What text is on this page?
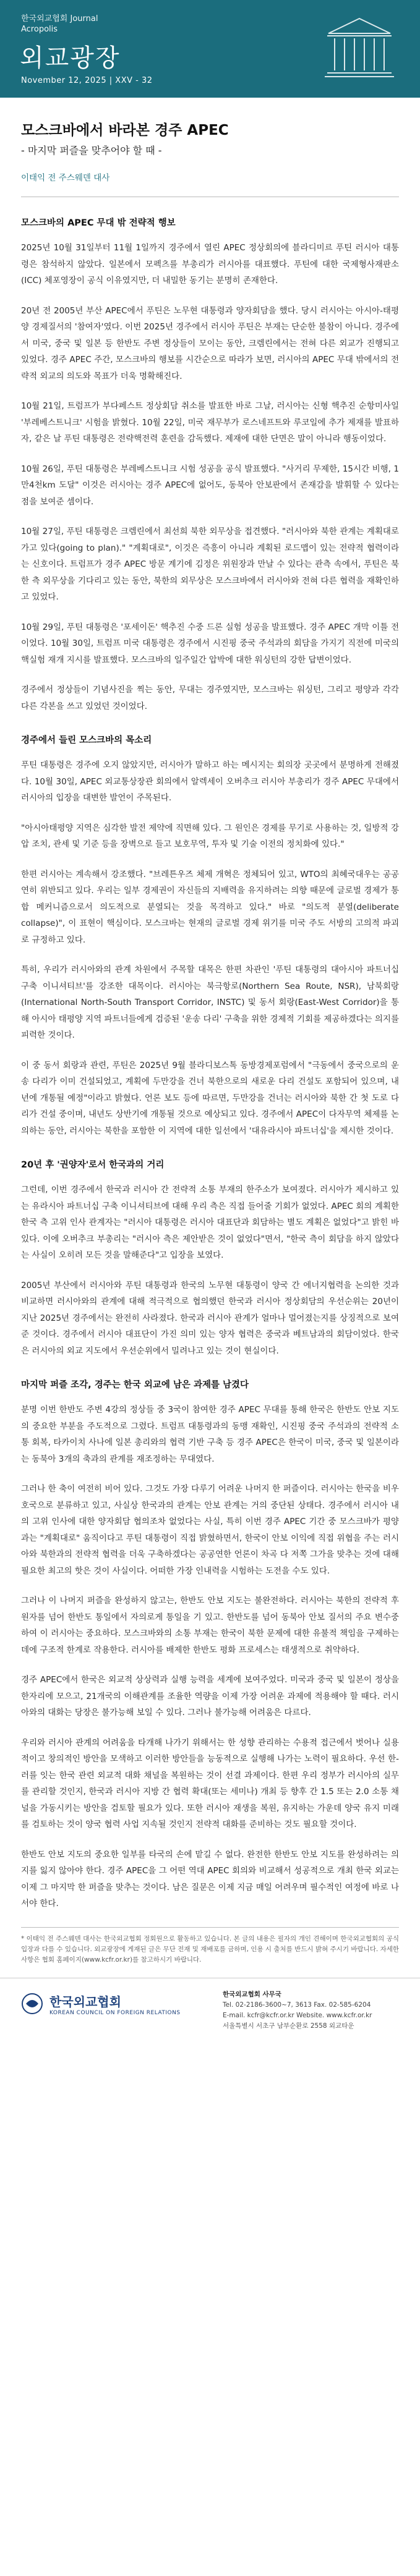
한국외교협회 Journal
Acropolis
외교광장
November 12, 2025 | XXV - 32
모스크바에서 바라본 경주 APEC
- 마지막 퍼즐을 맞추어야 할 때 -
이태익 전 주스웨덴 대사
모스크바의 APEC 무대 밖 전략적 행보

2025년 10월 31일부터 11월 1일까지 경주에서 열린 APEC 정상회의에 블라디미르 푸틴 러시아 대통령은 참석하지 않았다. 일본에서 모펙츠를 부총리가 러시아를 대표했다. 푸틴에 대한 국제형사재판소(ICC) 체포영장이 공식 이유였지만, 더 내밀한 동기는 분명히 존재한다.

20년 전 2005년 부산 APEC에서 푸틴은 노무현 대통령과 양자회담을 했다. 당시 러시아는 아시아-태평양 경제질서의 '참여자'였다. 이번 2025년 경주에서 러시아 푸틴은 부재는 단순한 불참이 아니다. 경주에서 미국, 중국 및 일본 등 한반도 주변 정상들이 모이는 동안, 크렘린에서는 전혀 다른 외교가 진행되고 있었다. 경주 APEC 주간, 모스크바의 행보를 시간순으로 따라가 보면, 러시아의 APEC 무대 밖에서의 전략적 외교의 의도와 목표가 더욱 명확해진다.

10월 21일, 트럼프가 부다페스트 정상회담 취소를 발표한 바로 그날, 러시아는 신형 핵추진 순항미사일 '부레베스트니크' 시험을 밝혔다. 10월 22일, 미국 재무부가 로스네프트와 루코일에 추가 제재를 발표하자, 같은 날 푸틴 대통령은 전략핵전력 훈련을 감독했다. 제재에 대한 단면은 말이 아니라 행동이었다.

10월 26일, 푸틴 대통령은 부레베스트니크 시험 성공을 공식 발표했다. "사거리 무제한, 15시간 비행, 1만4천km 도달" 이것은 러시아는 경주 APEC에 없어도, 동북아 안보판에서 존재감을 발휘할 수 있다는 점을 보여준 셈이다.

10월 27일, 푸틴 대통령은 크렘린에서 최선희 북한 외무상을 접견했다. "러시아와 북한 관계는 계획대로 가고 있다(going to plan)." "계획대로", 이것은 즉흥이 아니라 계획된 로드맵이 있는 전략적 협력이라는 신호이다. 트럼프가 경주 APEC 방문 계기에 김정은 위원장과 만날 수 있다는 관측 속에서, 푸틴은 북한 측 외무상을 기다리고 있는 동안, 북한의 외무상은 모스크바에서 러시아와 전혀 다른 협력을 재확인하고 있었다.

10월 29일, 푸틴 대통령은 '포세이돈' 핵추진 수중 드론 실험 성공을 발표했다. 경주 APEC 개막 이틀 전이었다. 10월 30일, 트럼프 미국 대통령은 경주에서 시진핑 중국 주석과의 회담을 가지기 직전에 미국의 핵실험 재개 지시를 발표했다. 모스크바의 일주일간 압박에 대한 워싱턴의 강한 답변이었다.

경주에서 정상들이 기념사진을 찍는 동안, 무대는 경주였지만, 모스크바는 워싱턴, 그리고 평양과 각각 다른 각본을 쓰고 있었던 것이었다.

경주에서 들린 모스크바의 목소리

푸틴 대통령은 경주에 오지 않았지만, 러시아가 말하고 하는 메시지는 회의장 곳곳에서 분명하게 전해졌다. 10월 30일, APEC 외교통상장관 회의에서 알렉세이 오버추크 러시아 부총리가 경주 APEC 무대에서 러시아의 입장을 대변한 발언이 주목된다.

"아시아태평양 지역은 심각한 발전 제약에 직면해 있다. 그 원인은 경제를 무기로 사용하는 것, 일방적 강압 조치, 관세 및 기준 등을 장벽으로 들고 보호무역, 투자 및 기술 이전의 정치화에 있다."

한편 러시아는 계속해서 강조했다. "브레튼우즈 체제 개혁은 정체되어 있고, WTO의 최혜국대우는 공공연히 위반되고 있다. 우리는 일부 경제권이 자신들의 지배력을 유지하려는 의향 때문에 글로벌 경제가 통합 메커니즘으로서 의도적으로 분열되는 것을 목격하고 있다." 바로 "의도적 분열(deliberate collapse)", 이 표현이 핵심이다. 모스크바는 현재의 글로벌 경제 위기를 미국 주도 서방의 고의적 파괴로 규정하고 있다.

특히, 우리가 러시아와의 관계 차원에서 주목할 대목은 한편 차관인 '푸틴 대통령의 대아시아 파트너십 구축 이니셔티브'를 강조한 대목이다. 러시아는 북극항로(Northern Sea Route, NSR), 남북회랑(International North-South Transport Corridor, INSTC) 및 동서 회랑(East-West Corridor)을 통해 아시아 태평양 지역 파트너들에게 검증된 '운송 다리' 구축을 위한 경제적 기회를 제공하겠다는 의지를 피력한 것이다.

이 중 동서 회랑과 관련, 푸틴은 2025년 9월 블라디보스톡 동방경제포럼에서 "극동에서 중국으로의 운송 다리가 이미 건설되었고, 계획에 두만강을 건너 북한으로의 새로운 다리 건설도 포함되어 있으며, 내년에 개통될 예정"이라고 밝혔다. 언론 보도 등에 따르면, 두만강을 건너는 러시아와 북한 간 첫 도로 다리가 건설 중이며, 내년도 상반기에 개통될 것으로 예상되고 있다. 경주에서 APEC이 다자무역 체제를 논의하는 동안, 러시아는 북한을 포함한 이 지역에 대한 일선에서 '대유라시아 파트너십'을 제시한 것이다.

20년 후 '권양자'로서 한국과의 거리

그런데, 이번 경주에서 한국과 러시아 간 전략적 소통 부재의 한주소가 보여졌다. 러시아가 제시하고 있는 유라시아 파트너십 구축 이니셔티브에 대해 우리 측은 직접 들어줄 기회가 없었다. APEC 회의 계획한 한국 측 고위 인사 관계자는 "러시아 대통령은 러시아 대표단과 회담하는 별도 계획은 없었다"고 밝힌 바 있다. 이에 오버추크 부총리는 "러시아 측은 제안받은 것이 없었다"면서, "한국 측이 회담을 하지 않았다는 사실이 오히려 모든 것을 말해준다"고 입장을 보였다.

2005년 부산에서 러시아와 푸틴 대통령과 한국의 노무현 대통령이 양국 간 에너지협력을 논의한 것과 비교하면 러시아와의 관계에 대해 적극적으로 협의했던 한국과 러시아 정상회담의 우선순위는 20년이 지난 2025년 경주에서는 완전히 사라졌다. 한국과 러시아 관계가 얼마나 멀어졌는지를 상징적으로 보여준 것이다. 경주에서 러시아 대표단이 가진 의미 있는 양자 협력은 중국과 베트남과의 회담이었다. 한국은 러시아의 외교 지도에서 우선순위에서 밀려나고 있는 것이 현실이다.

마지막 퍼즐 조각, 경주는 한국 외교에 남은 과제를 남겼다

분명 이번 한반도 주변 4강의 정상들 중 3국이 참여한 경주 APEC 무대를 통해 한국은 한반도 안보 지도의 중요한 부분을 주도적으로 그렸다. 트럼프 대통령과의 동맹 재확인, 시진핑 중국 주석과의 전략적 소통 회복, 타카이치 사나에 일본 총리와의 협력 기반 구축 등 경주 APEC은 한국이 미국, 중국 및 일본이라는 동북아 3개의 축과의 관계를 재조정하는 무대였다.

그러나 한 축이 여전히 비어 있다. 그것도 가장 다루기 어려운 나머지 한 퍼즐이다. 러시아는 한국을 비우호국으로 분류하고 있고, 사실상 한국과의 관계는 안보 관계는 거의 중단된 상태다. 경주에서 러시아 내의 고위 인사에 대한 양자회담 협의조차 없었다는 사실, 특히 이번 경주 APEC 기간 중 모스크바가 평양과는 "계획대로" 움직이다고 푸틴 대통령이 직접 밝혔하면서, 한국이 안보 이익에 직접 위협을 주는 러시아와 북한과의 전략적 협력을 더욱 구축하겠다는 공공연한 언론이 차곡 다 저쪽 그가을 맞추는 것에 대해 필요한 최고의 핫은 것이 사실이다. 어떠한 가장 인내력을 시험하는 도전을 수도 있다.

그러나 이 나머지 퍼즐을 완성하지 않고는, 한반도 안보 지도는 불완전하다. 러시아는 북한의 전략적 후원자를 넘어 한반도 통일에서 자의로게 통일을 기 있고. 한반도를 넘어 동북아 안보 질서의 주요 변수중 하여 이 러시아는 중요하다. 모스크바와의 소통 부재는 한국이 북한 문제에 대한 유불적 책임을 구제하는 데에 구조적 한계로 작용한다. 러시아를 배제한 한반도 평화 프로세스는 태생적으로 취약하다.

경주 APEC에서 한국은 외교적 상상력과 실행 능력을 세계에 보여주었다. 미국과 중국 및 일본이 정상을 한자리에 모으고, 21개국의 이해관계를 조율한 역량을 이제 가장 어려운 과제에 적용해야 할 때다. 러시아와의 대화는 당장은 불가능해 보일 수 있다. 그러나 불가능해 어려움은 다르다.

우리와 러시아 관계의 어려움을 타개해 나가기 위해서는 한 성향 관리하는 수용적 접근에서 벗어나 실용적이고 창의적인 방안을 모색하고 이러한 방안들을 능동적으로 실행해 나가는 노력이 필요하다. 우선 한-러를 잇는 한국 관련 외교적 대화 채널을 복원하는 것이 선결 과제이다. 한편 우리 정부가 러시아의 실무를 관리할 것인지, 한국과 러시아 지방 간 협력 확대(또는 세미나) 개최 등 향후 간 1.5 또는 2.0 소통 채널을 가동시키는 방안을 검토할 필요가 있다. 또한 러시아 재생을 복원, 유지하는 가운데 양국 유지 미래를 검토하는 것이 양국 협력 사업 지속될 것인지 전략적 대화를 준비하는 것도 필요할 것이다.

한반도 안보 지도의 중요한 일부를 타국의 손에 맡길 수 없다. 완전한 한반도 안보 지도를 완성하려는 의지를 잃지 않아야 한다. 경주 APEC을 그 어떤 역대 APEC 회의와 비교해서 성공적으로 개최 한국 외교는 이제 그 마지막 한 퍼즐을 맞추는 것이다. 남은 질문은 이제 지금 매일 어려우며 필수적인 여정에 바로 나서야 한다.

* 이태익 전 주스웨덴 대사는 한국외교협회 정회원으로 활동하고 있습니다. 본 글의 내용은 필자의 개인 견해이며 한국외교협회의 공식 입장과 다를 수 있습니다. 외교광장에 게재된 글은 무단 전재 및 재배포를 금하며, 인용 시 출처를 반드시 밝혀 주시기 바랍니다. 자세한 사항은 협회 홈페이지(www.kcfr.or.kr)를 참고하시기 바랍니다.
한국외교협회
KOREAN COUNCIL ON FOREIGN RELATIONS
한국외교협회 사무국
Tel. 02-2186-3600~7, 3613 Fax. 02-585-6204
E-mail. kcfr@kcfr.or.kr Website. www.kcfr.or.kr
서울특별시 서초구 남부순환로 2558 외교타운
